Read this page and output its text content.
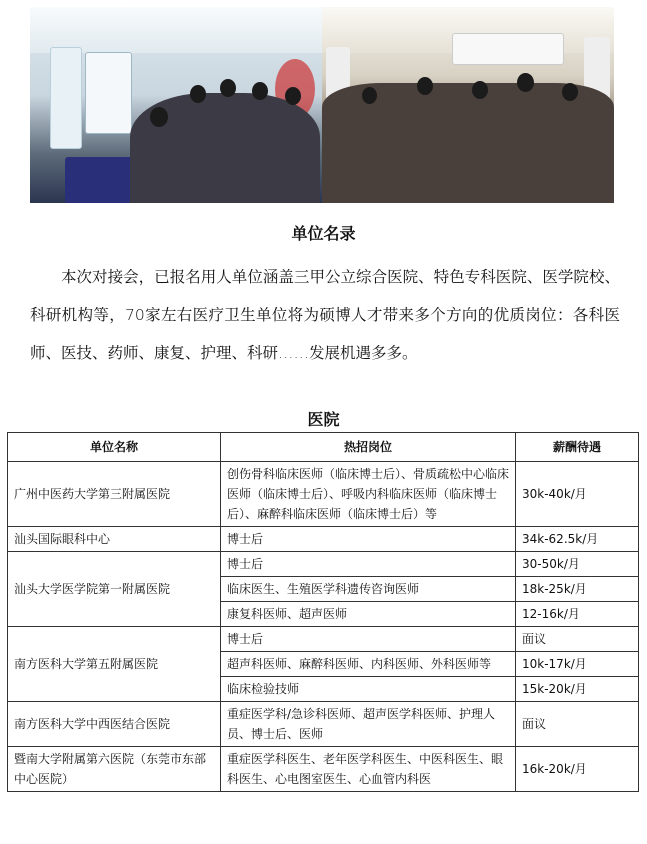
单位名录

本次对接会，已报名用人单位涵盖三甲公立综合医院、特色专科医院、医学院校、科研机构等，70家左右医疗卫生单位将为硕博人才带来多个方向的优质岗位：各科医师、医技、药师、康复、护理、科研……发展机遇多多。

医院
单位名称	热招岗位	薪酬待遇
广州中医药大学第三附属医院	创伤骨科临床医师（临床博士后）、骨质疏松中心临床医师（临床博士后）、呼吸内科临床医师（临床博士后）、麻醉科临床医师（临床博士后）等	30k-40k/月
汕头国际眼科中心	博士后	34k-62.5k/月
汕头大学医学院第一附属医院	博士后	30-50k/月
	临床医生、生殖医学科遗传咨询医师	18k-25k/月
	康复科医师、超声医师	12-16k/月
南方医科大学第五附属医院	博士后	面议
	超声科医师、麻醉科医师、内科医师、外科医师等	10k-17k/月
	临床检验技师	15k-20k/月
南方医科大学中西医结合医院	重症医学科/急诊科医师、超声医学科医师、护理人员、博士后、医师	面议
暨南大学附属第六医院（东莞市东部中心医院）	重症医学科医生、老年医学科医生、中医科医生、眼科医生、心电图室医生、心血管内科医	16k-20k/月
